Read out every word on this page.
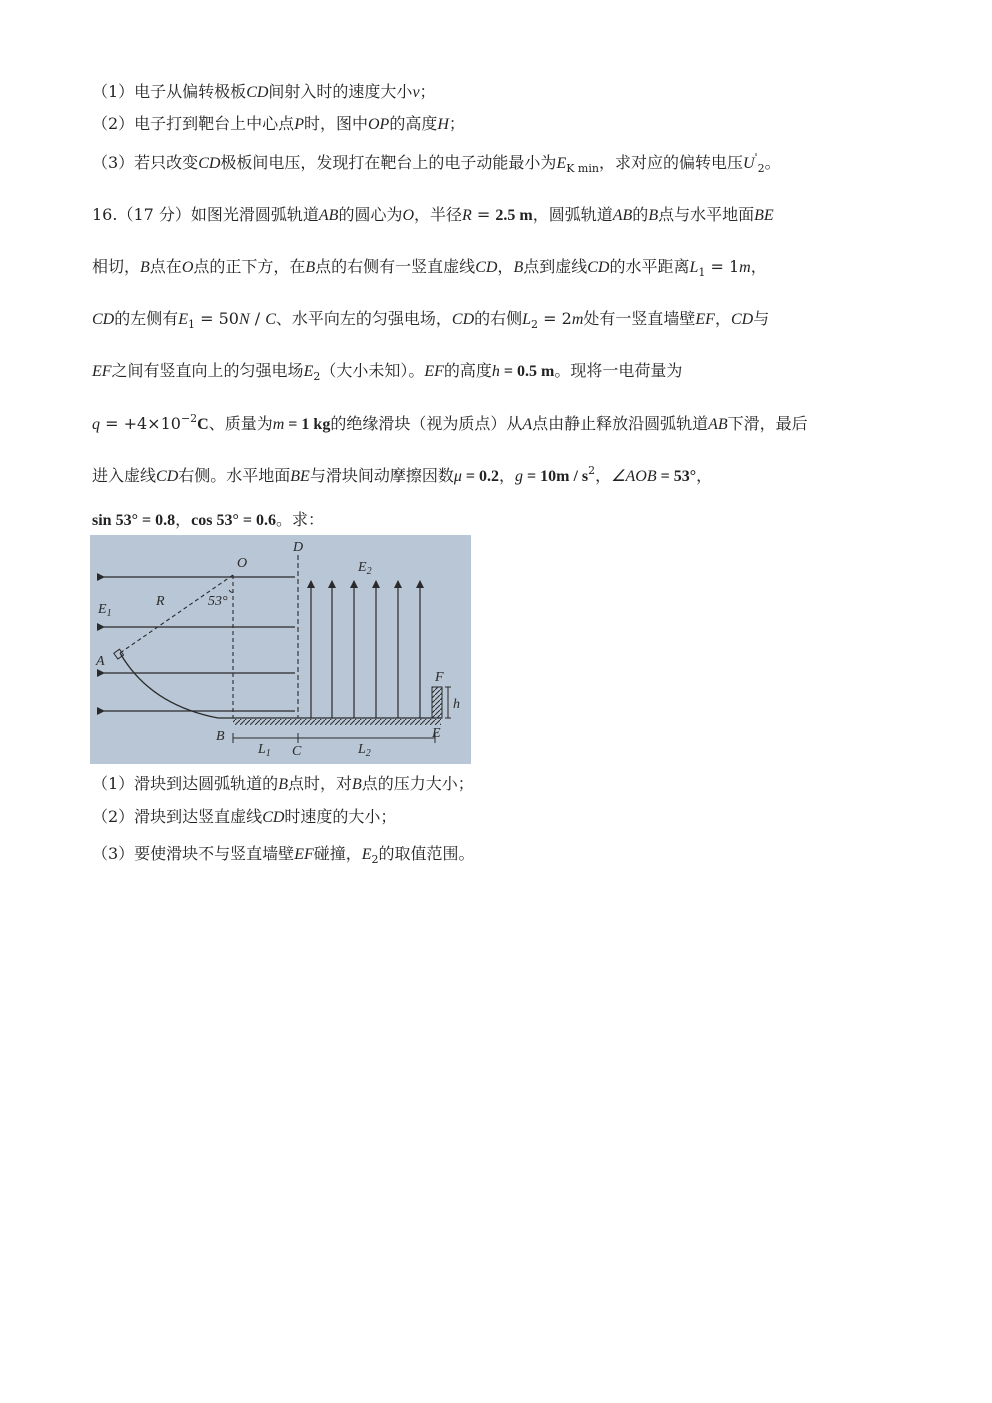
（1）电子从偏转极板CD间射入时的速度大小v；
（2）电子打到靶台上中心点P时，图中OP的高度H；
（3）若只改变CD极板间电压，发现打在靶台上的电子动能最小为$E_{K min}$，求对应的偏转电压$U'_2$。
16.（17 分）如图光滑圆弧轨道AB的圆心为O，半径R = 2.5 m，圆弧轨道AB的B点与水平地面BE
相切，B点在O点的正下方，在B点的右侧有一竖直虚线CD，B点到虚线CD的水平距离$L_1 = 1m$，
CD的左侧有$E_1 = 50N / C$、水平向左的匀强电场，CD的右侧$L_2 = 2m$处有一竖直墙壁EF，CD与
EF之间有竖直向上的匀强电场$E_2$（大小未知）。EF的高度h = 0.5 m。现将一电荷量为
$q = +4\times 10^{-2}C$、质量为m = 1 kg的绝缘滑块（视为质点）从A点由静止释放沿圆弧轨道AB下滑，最后
进入虚线CD右侧。水平地面BE与滑块间动摩擦因数μ = 0.2，$g = 10m / s^2$，∠AOB = 53°，
sin 53° = 0.8，cos 53° = 0.6。求：
O
D
$E_2$
R	53°
$E_1$
A
F
h
B
$L_1$ C	$L_2$
E
（1）滑块到达圆弧轨道的B点时，对B点的压力大小；
（2）滑块到达竖直虚线CD时速度的大小；
（3）要使滑块不与竖直墙壁EF碰撞，$E_2$的取值范围。
